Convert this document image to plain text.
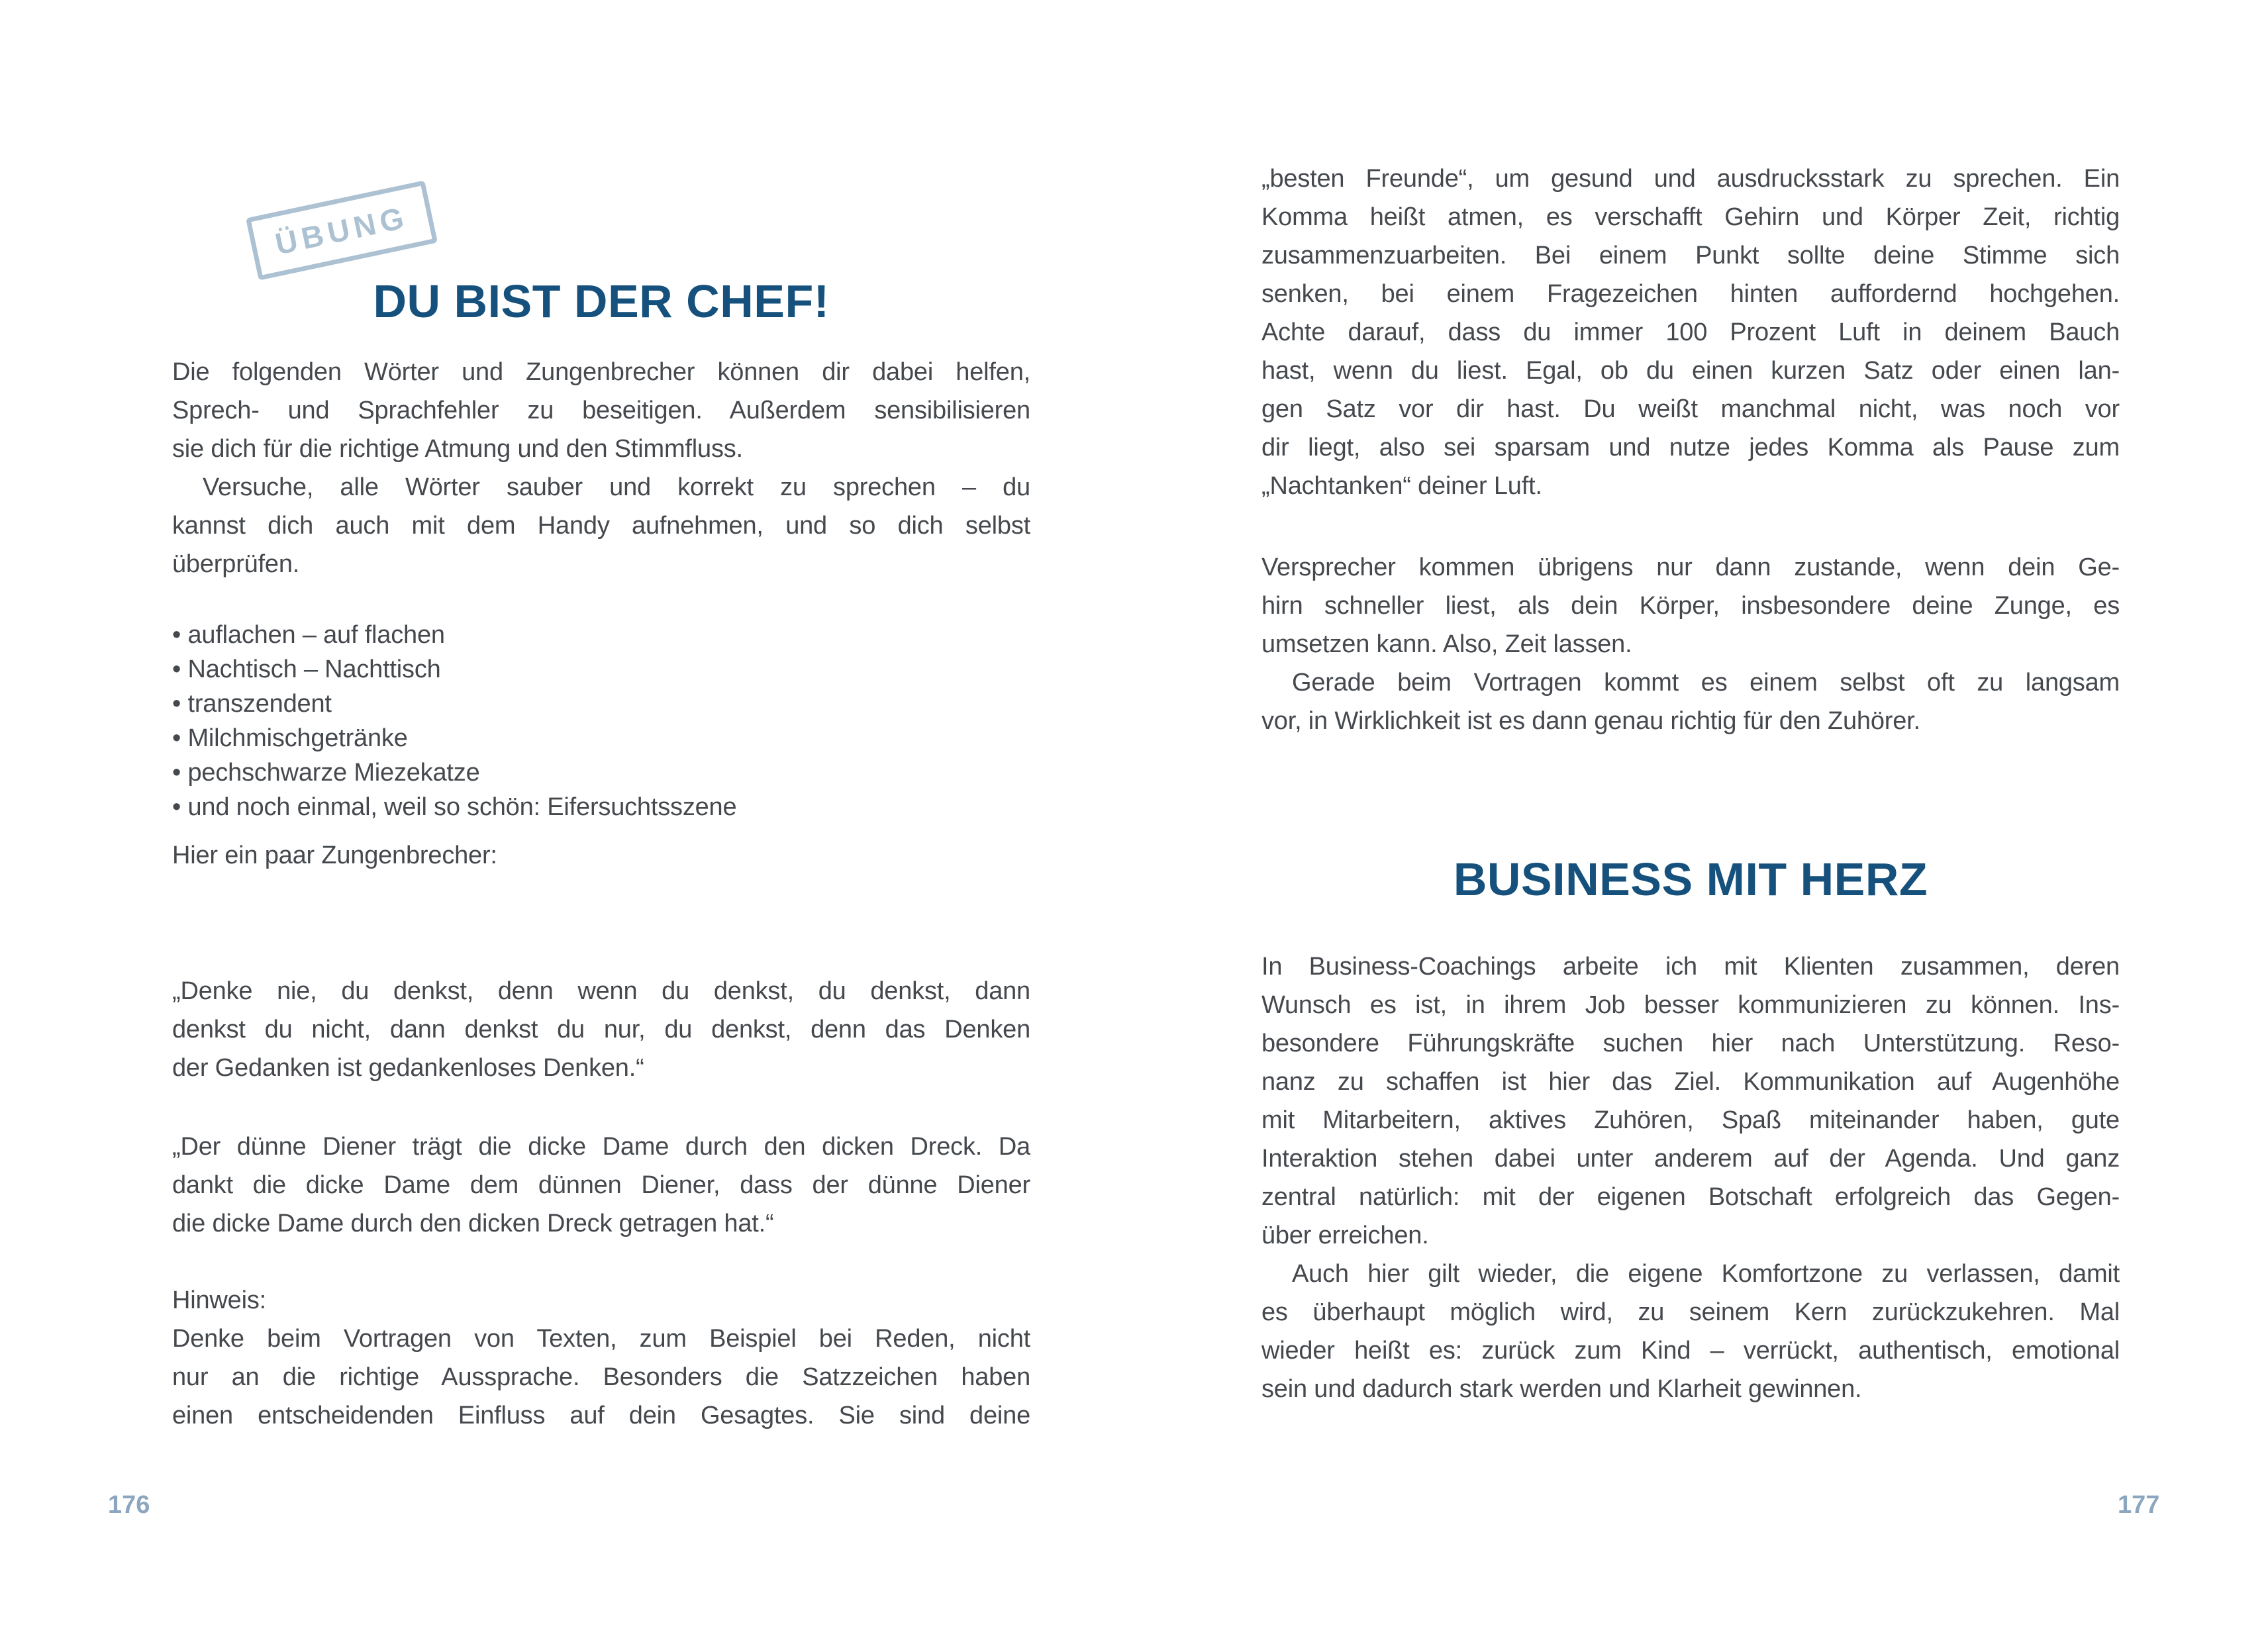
ÜBUNG
DU BIST DER CHEF!
Die folgenden Wörter und Zungenbrecher können dir dabei helfen,
Sprech- und Sprachfehler zu beseitigen. Außerdem sensibilisieren
sie dich für die richtige Atmung und den Stimmfluss.
Versuche, alle Wörter sauber und korrekt zu sprechen – du
kannst dich auch mit dem Handy aufnehmen, und so dich selbst
überprüfen.
• auflachen – auf flachen
• Nachtisch – Nachttisch
• transzendent
• Milchmischgetränke
• pechschwarze Miezekatze
• und noch einmal, weil so schön: Eifersuchtsszene
Hier ein paar Zungenbrecher:
„Denke nie, du denkst, denn wenn du denkst, du denkst, dann
denkst du nicht, dann denkst du nur, du denkst, denn das Denken
der Gedanken ist gedankenloses Denken.“
„Der dünne Diener trägt die dicke Dame durch den dicken Dreck. Da
dankt die dicke Dame dem dünnen Diener, dass der dünne Diener
die dicke Dame durch den dicken Dreck getragen hat.“
Hinweis:
Denke beim Vortragen von Texten, zum Beispiel bei Reden, nicht
nur an die richtige Aussprache. Besonders die Satzzeichen haben
einen entscheidenden Einfluss auf dein Gesagtes. Sie sind deine
„besten Freunde“, um gesund und ausdrucksstark zu sprechen. Ein
Komma heißt atmen, es verschafft Gehirn und Körper Zeit, richtig
zusammenzuarbeiten. Bei einem Punkt sollte deine Stimme sich
senken, bei einem Fragezeichen hinten auffordernd hochgehen.
Achte darauf, dass du immer 100 Prozent Luft in deinem Bauch
hast, wenn du liest. Egal, ob du einen kurzen Satz oder einen lan-
gen Satz vor dir hast. Du weißt manchmal nicht, was noch vor
dir liegt, also sei sparsam und nutze jedes Komma als Pause zum
„Nachtanken“ deiner Luft.
Versprecher kommen übrigens nur dann zustande, wenn dein Ge-
hirn schneller liest, als dein Körper, insbesondere deine Zunge, es
umsetzen kann. Also, Zeit lassen.
Gerade beim Vortragen kommt es einem selbst oft zu langsam
vor, in Wirklichkeit ist es dann genau richtig für den Zuhörer.
BUSINESS MIT HERZ
In Business-Coachings arbeite ich mit Klienten zusammen, deren
Wunsch es ist, in ihrem Job besser kommunizieren zu können. Ins-
besondere Führungskräfte suchen hier nach Unterstützung. Reso-
nanz zu schaffen ist hier das Ziel. Kommunikation auf Augenhöhe
mit Mitarbeitern, aktives Zuhören, Spaß miteinander haben, gute
Interaktion stehen dabei unter anderem auf der Agenda. Und ganz
zentral natürlich: mit der eigenen Botschaft erfolgreich das Gegen-
über erreichen.
Auch hier gilt wieder, die eigene Komfortzone zu verlassen, damit
es überhaupt möglich wird, zu seinem Kern zurückzukehren. Mal
wieder heißt es: zurück zum Kind – verrückt, authentisch, emotional
sein und dadurch stark werden und Klarheit gewinnen.
176	177
